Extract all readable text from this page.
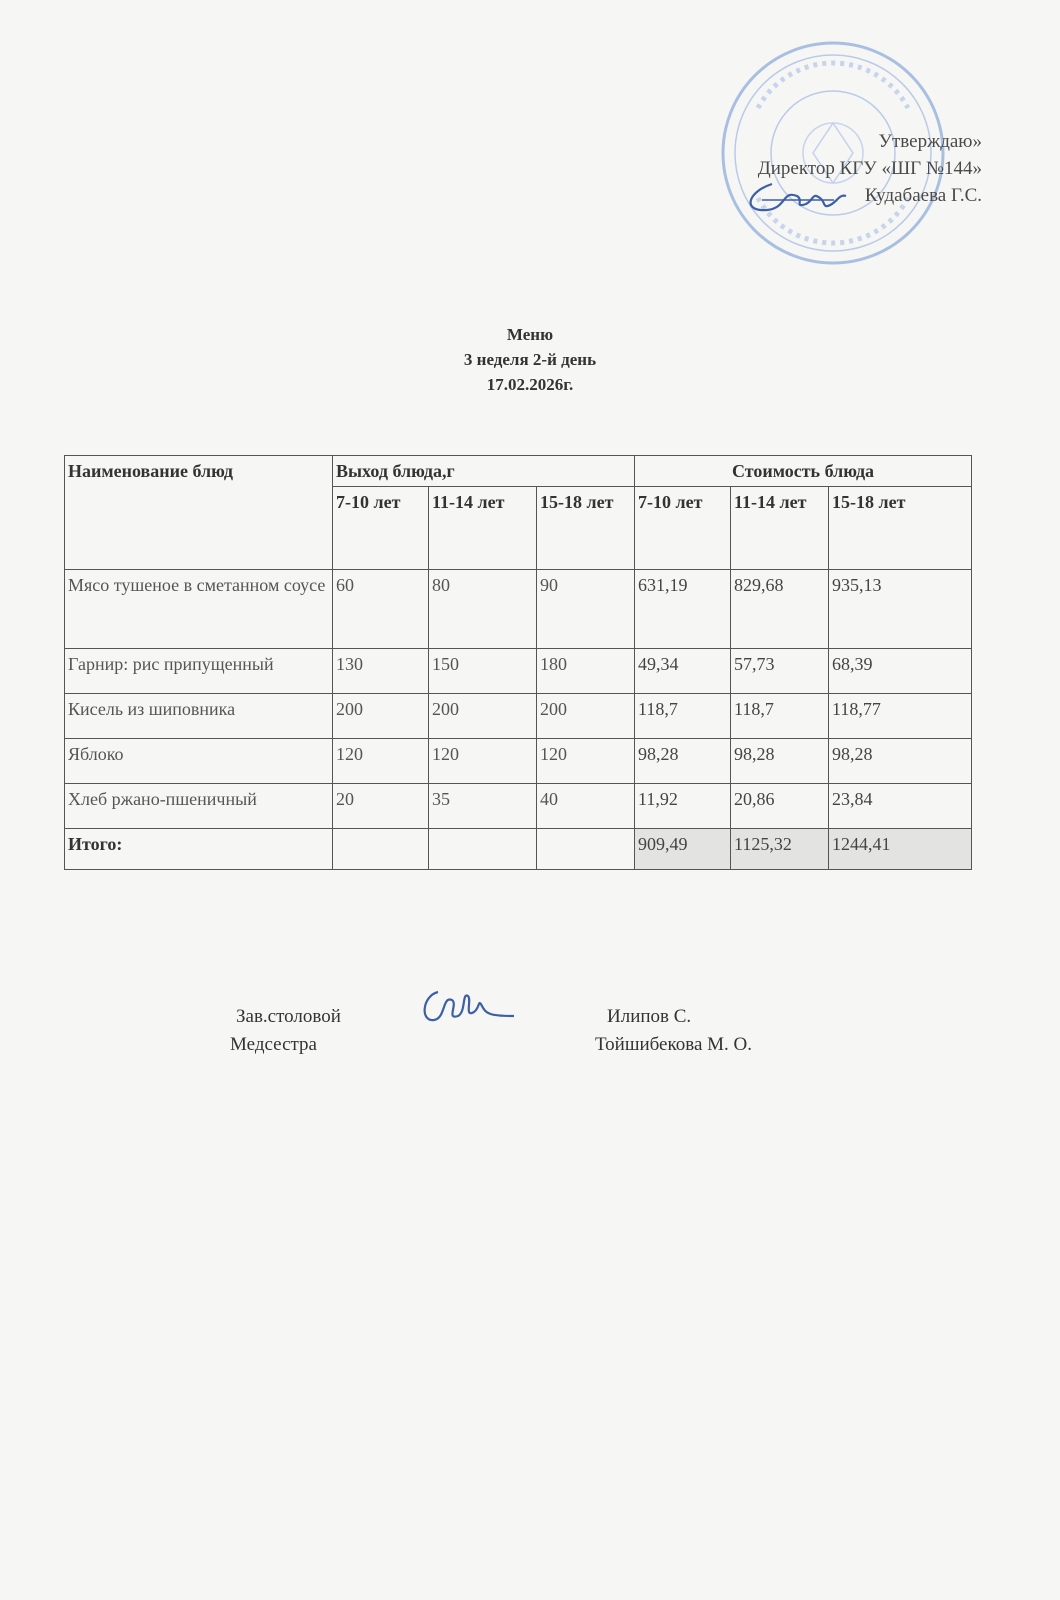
Утверждаю»
Директор КГУ «ШГ №144»
Кудабаева Г.С.
Меню
3 неделя 2-й день
17.02.2026г.
Наименование блюд	Выход блюда,г			Стоимость блюда		
	7-10 лет	11-14 лет	15-18 лет	7-10 лет	11-14 лет	15-18 лет
Мясо тушеное в сметанном соусе	60	80	90	631,19	829,68	935,13
Гарнир: рис припущенный	130	150	180	49,34	57,73	68,39
Кисель из шиповника	200	200	200	118,7	118,7	118,77
Яблоко	120	120	120	98,28	98,28	98,28
Хлеб ржано-пшеничный	20	35	40	11,92	20,86	23,84
Итого:				909,49	1125,32	1244,41
Зав.столовой
Медсестра
Илипов С.
Тойшибекова М. О.
